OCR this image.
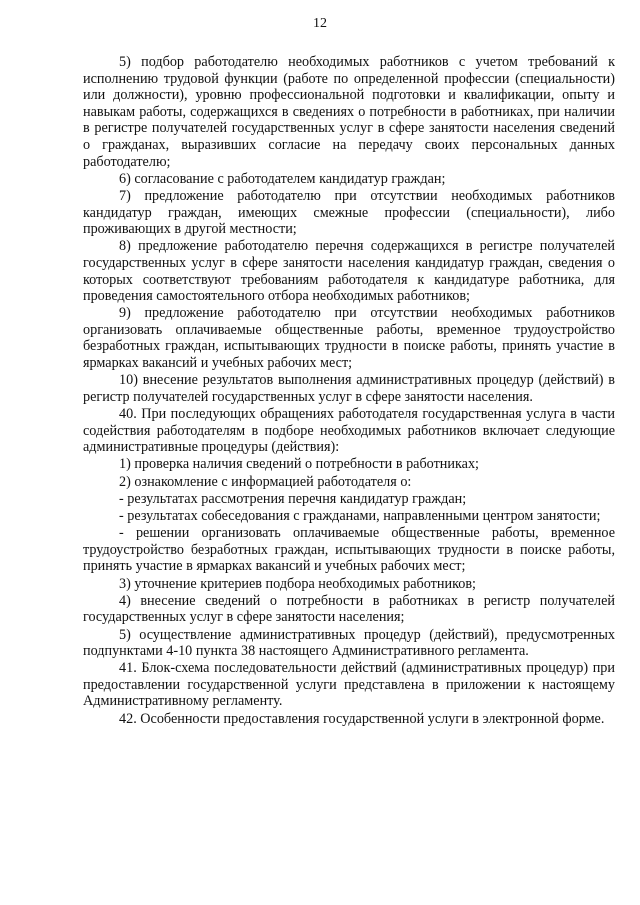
12

5) подбор работодателю необходимых работников с учетом требований к исполнению трудовой функции (работе по определенной профессии (специальности) или должности), уровню профессиональной подготовки и квалификации, опыту и навыкам работы, содержащихся в сведениях о потребности в работниках, при наличии в регистре получателей государственных услуг в сфере занятости населения сведений о гражданах, выразивших согласие на передачу своих персональных данных работодателю;

6) согласование с работодателем кандидатур граждан;

7) предложение работодателю при отсутствии необходимых работников кандидатур граждан, имеющих смежные профессии (специальности), либо проживающих в другой местности;

8) предложение работодателю перечня содержащихся в регистре получателей государственных услуг в сфере занятости населения кандидатур граждан, сведения о которых соответствуют требованиям работодателя к кандидатуре работника, для проведения самостоятельного отбора необходимых работников;

9) предложение работодателю при отсутствии необходимых работников организовать оплачиваемые общественные работы, временное трудоустройство безработных граждан, испытывающих трудности в поиске работы, принять участие в ярмарках вакансий и учебных рабочих мест;

10) внесение результатов выполнения административных процедур (действий) в регистр получателей государственных услуг в сфере занятости населения.

40. При последующих обращениях работодателя государственная услуга в части содействия работодателям в подборе необходимых работников включает следующие административные процедуры (действия):

1) проверка наличия сведений о потребности в работниках;

2) ознакомление с информацией работодателя о:

- результатах рассмотрения перечня кандидатур граждан;

- результатах собеседования с гражданами, направленными центром занятости;

- решении организовать оплачиваемые общественные работы, временное трудоустройство безработных граждан, испытывающих трудности в поиске работы, принять участие в ярмарках вакансий и учебных рабочих мест;

3) уточнение критериев подбора необходимых работников;

4) внесение сведений о потребности в работниках в регистр получателей государственных услуг в сфере занятости населения;

5) осуществление административных процедур (действий), предусмотренных подпунктами 4-10 пункта 38 настоящего Административного регламента.

41. Блок-схема последовательности действий (административных процедур) при предоставлении государственной услуги представлена в приложении к настоящему Административному регламенту.

42. Особенности предоставления государственной услуги в электронной форме.
